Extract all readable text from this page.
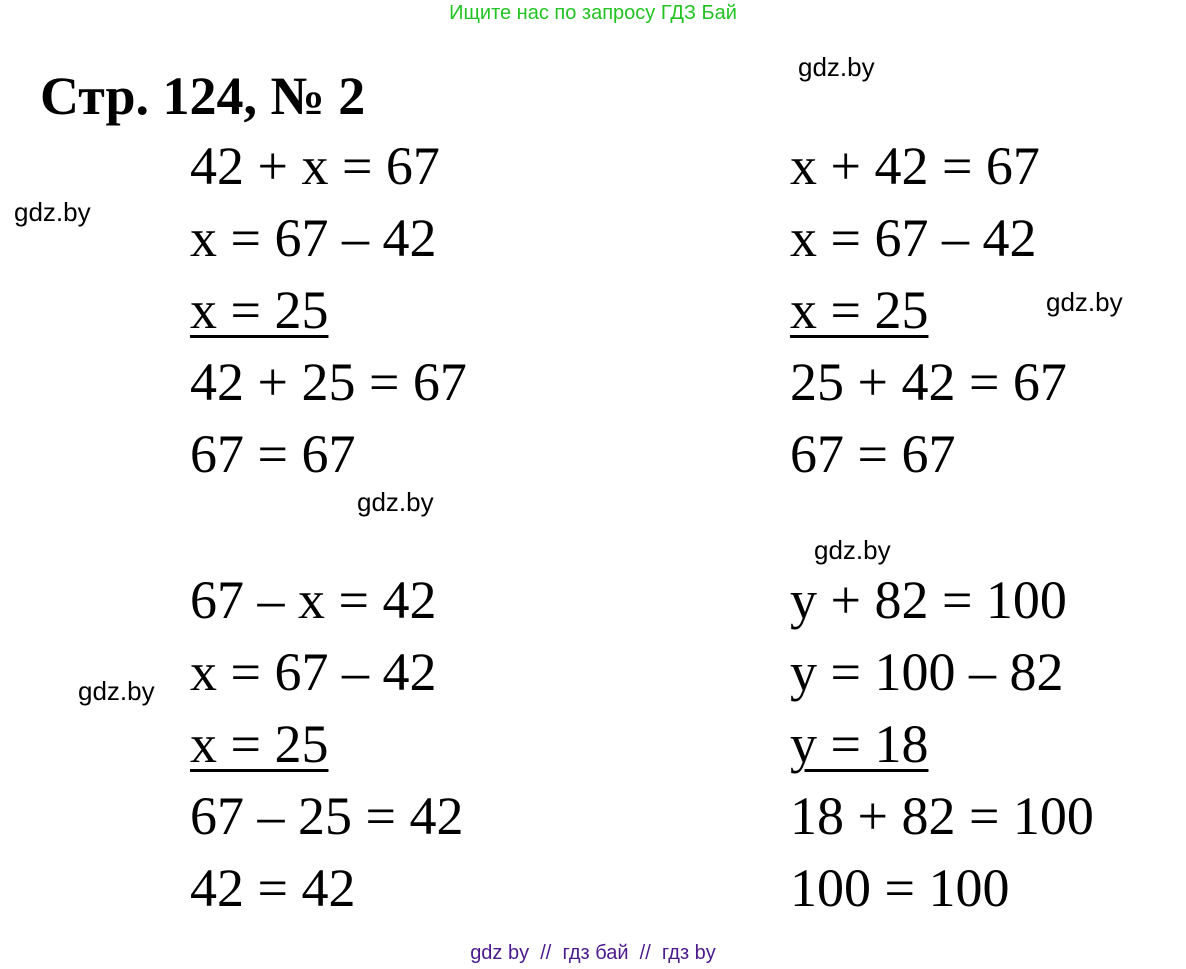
Ищите нас по запросу ГДЗ Бай
Стр. 124, № 2	gdz.by
gdz.by
gdz.by
gdz.by
gdz.by
gdz.by
42 + x = 67
x = 67 – 42
x = 25
42 + 25 = 67
67 = 67
x + 42 = 67
x = 67 – 42
x = 25
25 + 42 = 67
67 = 67
67 – x = 42
x = 67 – 42
x = 25
67 – 25 = 42
42 = 42
y + 82 = 100
y = 100 – 82
y = 18
18 + 82 = 100
100 = 100
gdz by  //  гдз бай  //  гдз by
